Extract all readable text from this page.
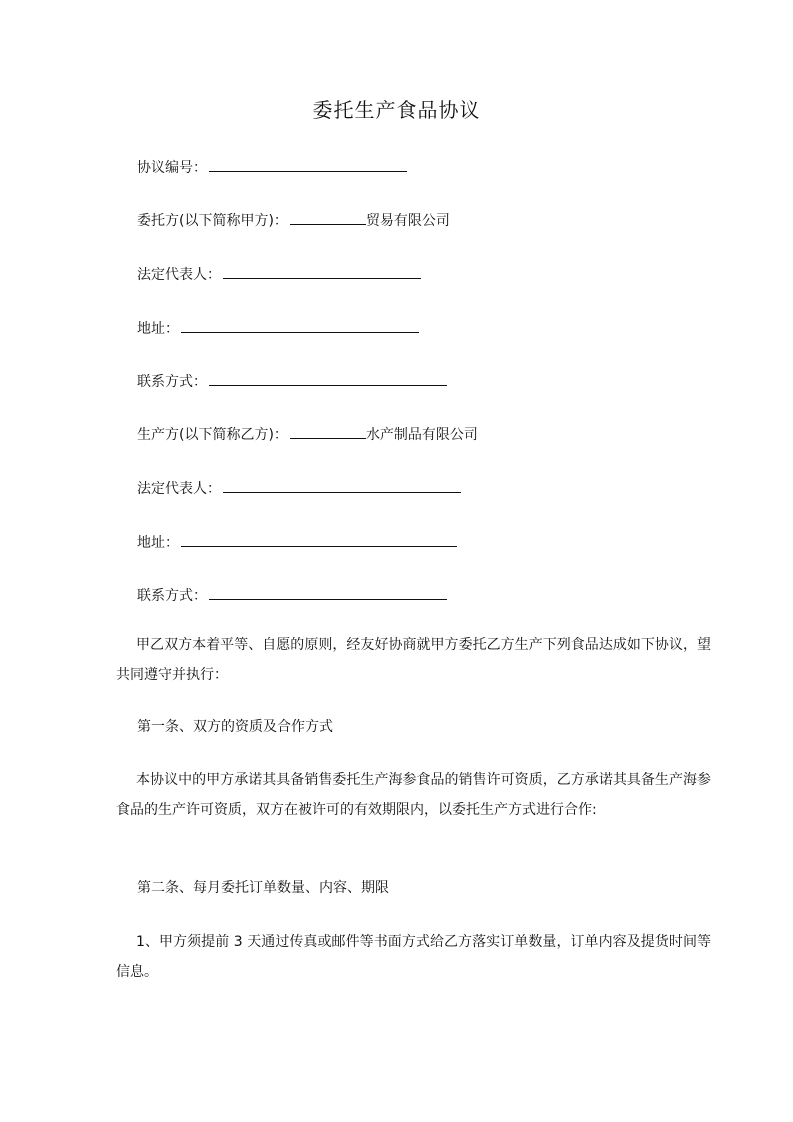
委托生产食品协议
协议编号：
委托方(以下简称甲方)：	贸易有限公司
法定代表人：
地址：
联系方式：
生产方(以下简称乙方)：	水产制品有限公司
法定代表人：
地址：
联系方式：
甲乙双方本着平等、自愿的原则，经友好协商就甲方委托乙方生产下列食品达成如下协议，望共同遵守并执行：
第一条、双方的资质及合作方式
本协议中的甲方承诺其具备销售委托生产海参食品的销售许可资质，乙方承诺其具备生产海参食品的生产许可资质，双方在被许可的有效期限内，以委托生产方式进行合作:
第二条、每月委托订单数量、内容、期限
1、甲方须提前 3 天通过传真或邮件等书面方式给乙方落实订单数量，订单内容及提货时间等信息。
